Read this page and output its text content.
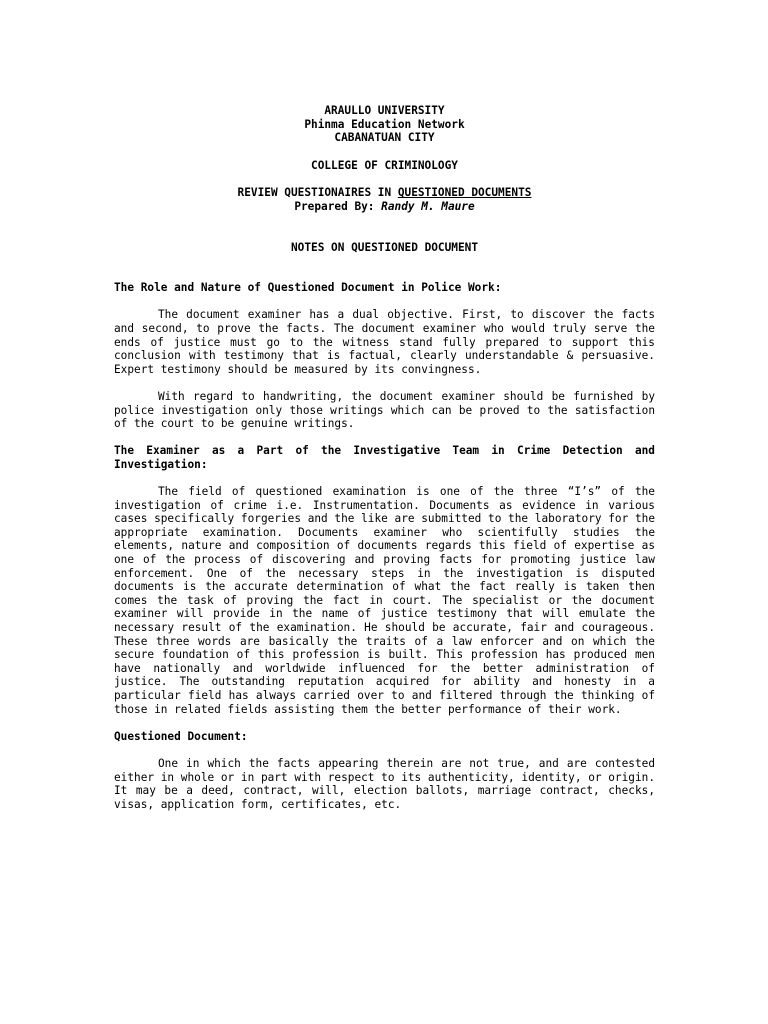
ARAULLO UNIVERSITY
Phinma Education Network
CABANATUAN CITY
COLLEGE OF CRIMINOLOGY
REVIEW QUESTIONAIRES IN QUESTIONED DOCUMENTS
Prepared By: Randy M. Maure
NOTES ON QUESTIONED DOCUMENT

The Role and Nature of Questioned Document in Police Work:

The document examiner has a dual objective. First, to discover the facts and second, to prove the facts. The document examiner who would truly serve the ends of justice must go to the witness stand fully prepared to support this conclusion with testimony that is factual, clearly understandable & persuasive. Expert testimony should be measured by its convingness.

With regard to handwriting, the document examiner should be furnished by police investigation only those writings which can be proved to the satisfaction of the court to be genuine writings.

The Examiner as a Part of the Investigative Team in Crime Detection and Investigation:

The field of questioned examination is one of the three “I’s” of the investigation of crime i.e. Instrumentation. Documents as evidence in various cases specifically forgeries and the like are submitted to the laboratory for the appropriate examination. Documents examiner who scientifully studies the elements, nature and composition of documents regards this field of expertise as one of the process of discovering and proving facts for promoting justice law enforcement. One of the necessary steps in the investigation is disputed documents is the accurate determination of what the fact really is taken then comes the task of proving the fact in court. The specialist or the document examiner will provide in the name of justice testimony that will emulate the necessary result of the examination. He should be accurate, fair and courageous. These three words are basically the traits of a law enforcer and on which the secure foundation of this profession is built. This profession has produced men have nationally and worldwide influenced for the better administration of justice. The outstanding reputation acquired for ability and honesty in a particular field has always carried over to and filtered through the thinking of those in related fields assisting them the better performance of their work.

Questioned Document:

One in which the facts appearing therein are not true, and are contested either in whole or in part with respect to its authenticity, identity, or origin. It may be a deed, contract, will, election ballots, marriage contract, checks, visas, application form, certificates, etc.
